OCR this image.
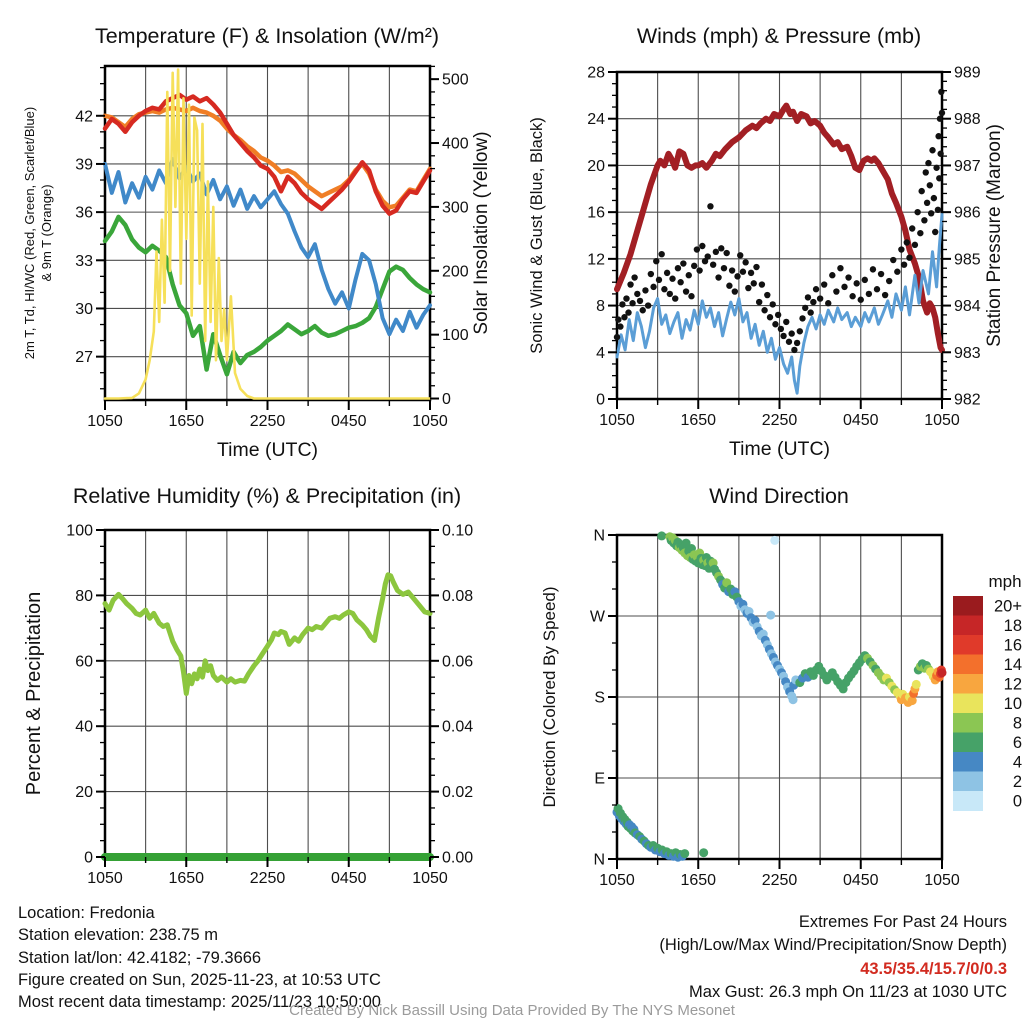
Temperature (F) & Insolation (W/m²)	Winds (mph) & Pressure (mb)
Relative Humidity (%) & Precipitation (in)	Wind Direction
1050	1650	2250	0450	1050
27
30
33
36
39
42
0
100
200
300
400
500
2m T, Td, HI/WC (Red, Green, Scarlet/Blue) & 9m T (Orange)	Solar Insolation (Yellow)
Time (UTC)
1050	1650	2250	0450	1050
0
4
8
12
16
20
24
28
982
983
984
985
986
987
988
989
Sonic Wind & Gust (Blue, Black)	Station Pressure (Maroon)
Time (UTC)
1050	1650	2250	0450	1050
0
20
40
60
80
100
0.00
0.02
0.04
0.06
0.08
0.10
Percent & Precipitation
1050	1650	2250	0450	1050
N
E
S
W
N
Direction (Colored By Speed)
mph
20+
18
16
14
12
10
8
6
4
2
0
Location: Fredonia
Station elevation: 238.75 m
Station lat/lon: 42.4182; -79.3666
Figure created on Sun, 2025-11-23, at 10:53 UTC
Most recent data timestamp: 2025/11/23 10:50:00
Extremes For Past 24 Hours
(High/Low/Max Wind/Precipitation/Snow Depth)
43.5/35.4/15.7/0/0.3
Max Gust: 26.3 mph On 11/23 at 1030 UTC
Created By Nick Bassill Using Data Provided By The NYS Mesonet
